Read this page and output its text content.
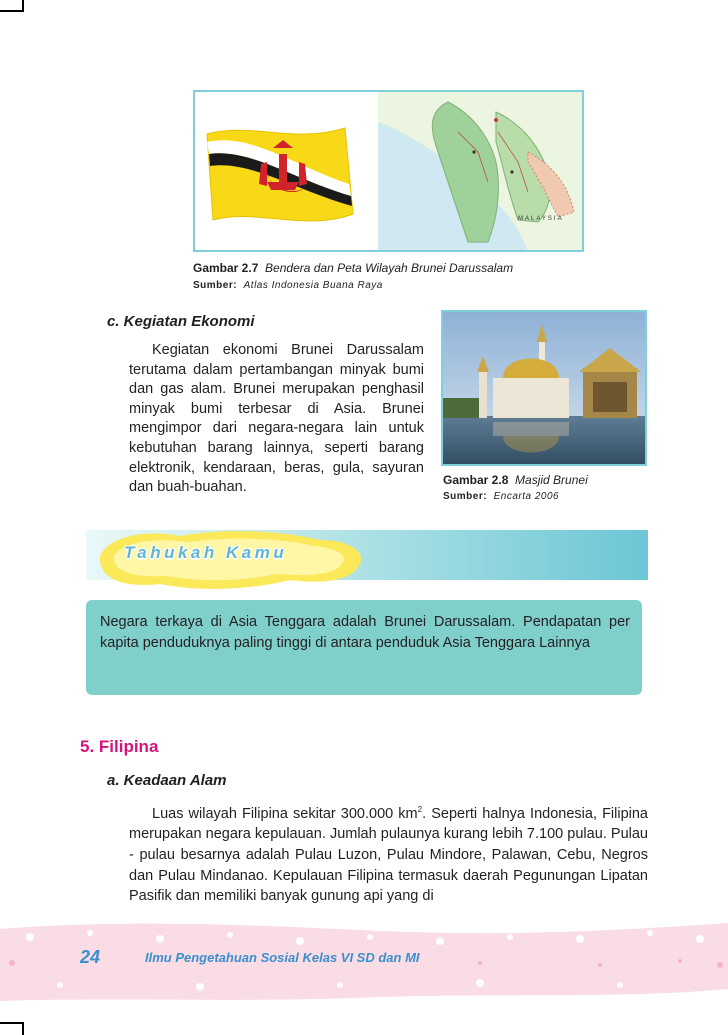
MALAYSIA
Gambar 2.7 Bendera dan Peta Wilayah Brunei Darussalam
Sumber: Atlas Indonesia Buana Raya
c. Kegiatan Ekonomi
Kegiatan ekonomi Brunei Darussalam terutama dalam pertambangan minyak bumi dan gas alam. Brunei merupakan penghasil minyak bumi terbesar di Asia. Brunei mengimpor dari negara-negara lain untuk kebutuhan barang lainnya, seperti barang elektronik, kendaraan, beras, gula, sayuran dan buah-buahan.	Gambar 2.8 Masjid Brunei
Sumber: Encarta 2006
Tahukah Kamu
Negara terkaya di Asia Tenggara adalah Brunei Darussalam. Pendapatan per kapita penduduknya paling tinggi di antara penduduk Asia Tenggara Lainnya
5. Filipina
a. Keadaan Alam
Luas wilayah Filipina sekitar 300.000 $km^2$. Seperti halnya Indonesia, Filipina merupakan negara kepulauan. Jumlah pulaunya kurang lebih 7.100 pulau. Pulau - pulau besarnya adalah Pulau Luzon, Pulau Mindore, Palawan, Cebu, Negros dan Pulau Mindanao. Kepulauan Filipina termasuk daerah Pegunungan Lipatan Pasifik dan memiliki banyak gunung api yang di
24	Ilmu Pengetahuan Sosial Kelas VI SD dan MI
